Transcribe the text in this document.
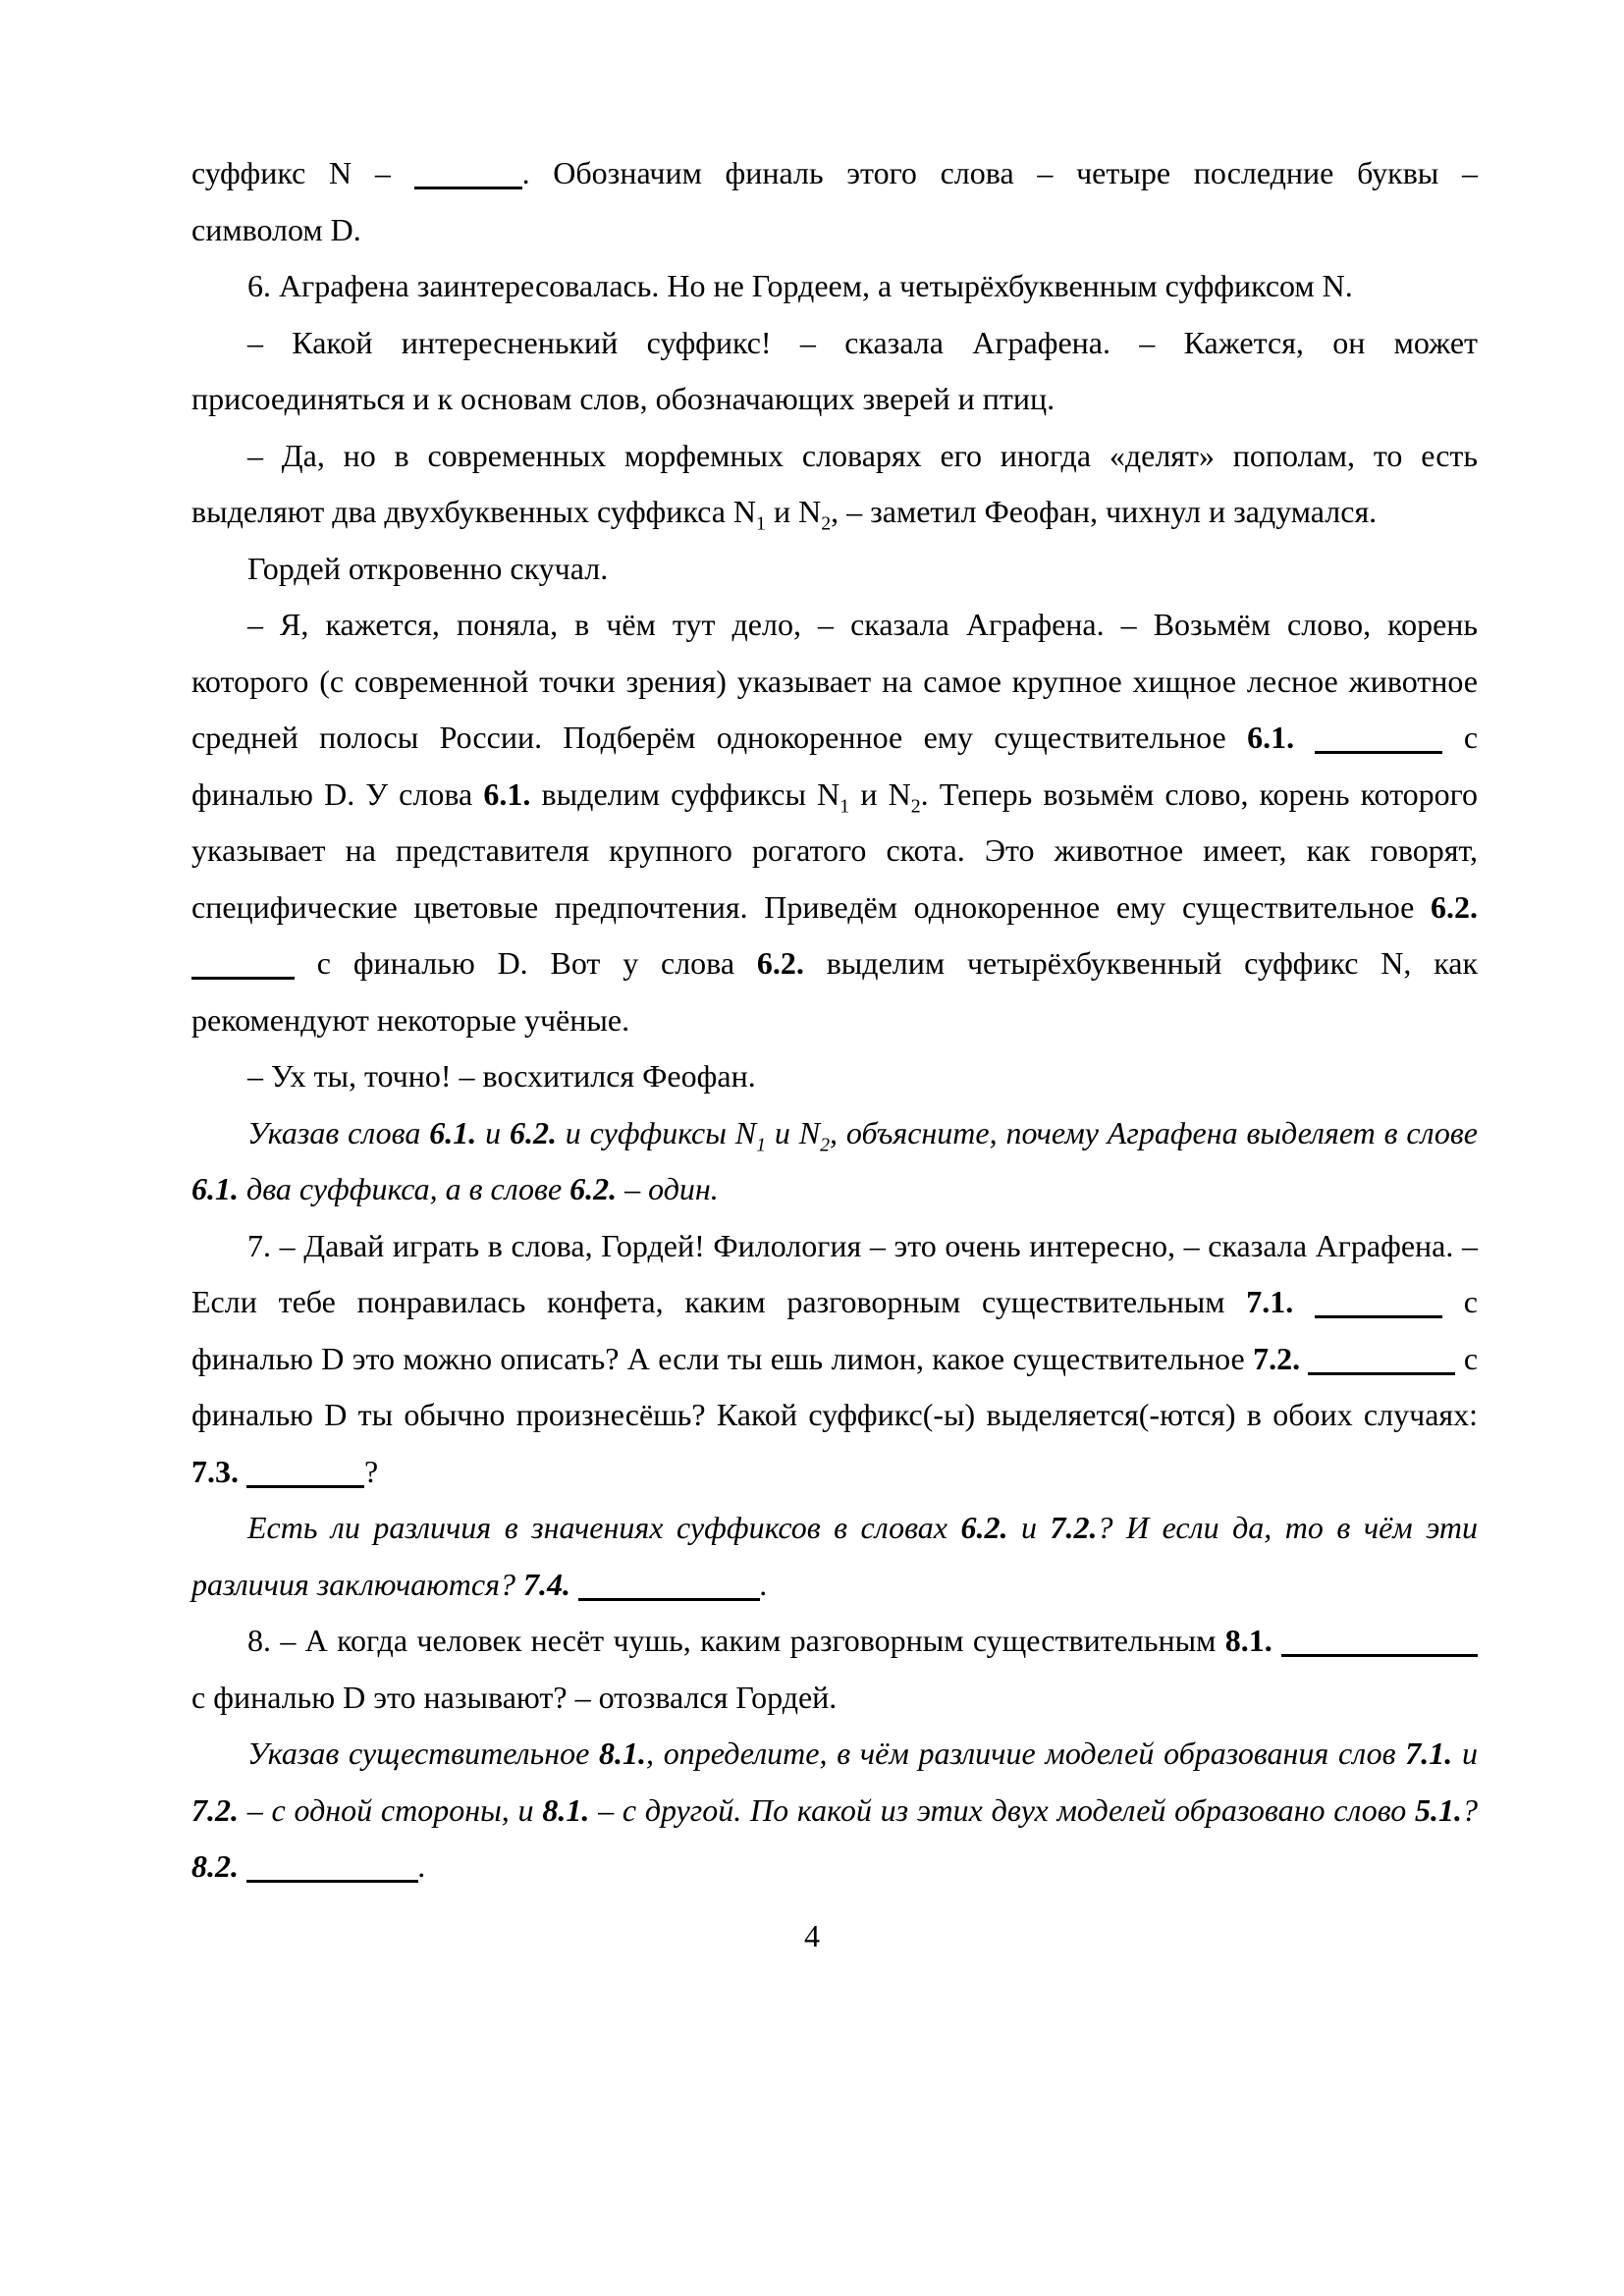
суффикс N –	. Обозначим финаль этого слова – четыре последние буквы –

символом D.

6. Аграфена заинтересовалась. Но не Гордеем, а четырёхбуквенным суффиксом N.

– Какой интересненький суффикс! – сказала Аграфена. – Кажется, он может присоединяться и к основам слов, обозначающих зверей и птиц.

– Да, но в современных морфемных словарях его иногда «делят» пополам, то есть выделяют два двухбуквенных суффикса $N_1$ и $N_2$, – заметил Феофан, чихнул и задумался.

Гордей откровенно скучал.

– Я, кажется, поняла, в чём тут дело, – сказала Аграфена. – Возьмём слово, корень которого (с современной точки зрения) указывает на самое крупное хищное лесное животное средней полосы России. Подберём однокоренное ему существительное 6.1.	с финалью D. У слова 6.1. выделим суффиксы $N_1$ и $N_2$. Теперь возьмём слово, корень которого указывает на представителя крупного рогатого скота. Это животное имеет, как говорят, специфические цветовые предпочтения. Приведём однокоренное ему существительное 6.2.  с финалью D. Вот у слова 6.2. выделим четырёхбуквенный суффикс N, как рекомендуют некоторые учёные.

– Ух ты, точно! – восхитился Феофан.

Указав слова 6.1. и 6.2. и суффиксы $N_1$ и $N_2$, объясните, почему Аграфена выделяет в слове 6.1. два суффикса, а в слове 6.2. – один.

7. – Давай играть в слова, Гордей! Филология – это очень интересно, – сказала Аграфена. – Если тебе понравилась конфета, каким разговорным существительным 7.1.	с финалью D это можно описать? А если ты ешь лимон, какое существительное 7.2.	с финалью D ты обычно произнесёшь? Какой суффикс(-ы) выделяется(-ются) в обоих случаях: 7.3.	?

Есть ли различия в значениях суффиксов в словах 6.2. и 7.2.? И если да, то в чём эти различия заключаются? 7.4.	.

8. – А когда человек несёт чушь, каким разговорным существительным 8.1.  с финалью D это называют? – отозвался Гордей.

Указав существительное 8.1., определите, в чём различие моделей образования слов 7.1. и 7.2. – с одной стороны, и 8.1. – с другой. По какой из этих двух моделей образовано слово 5.1.? 8.2.	.

4
